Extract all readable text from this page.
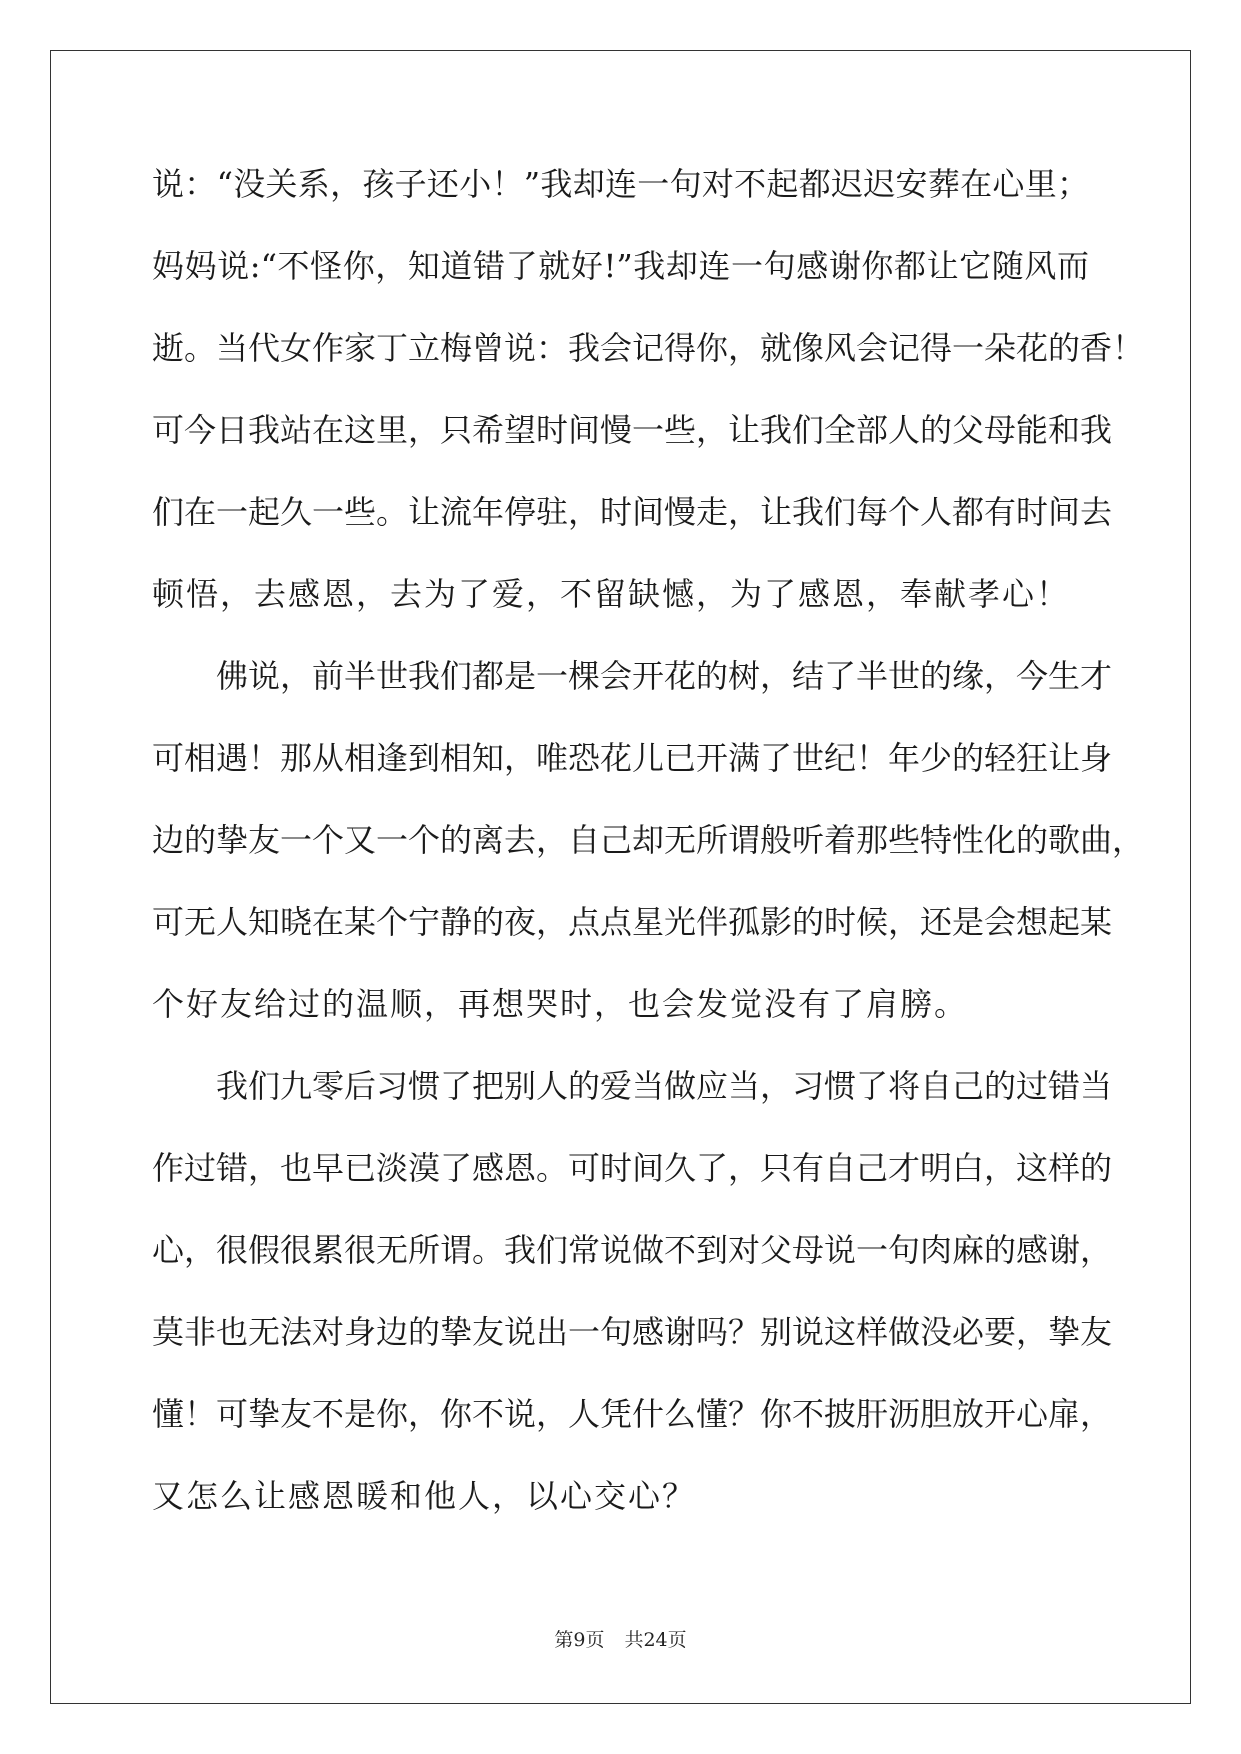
说：“没关系，孩子还小！”我却连一句对不起都迟迟安葬在心里；
妈妈说:“不怪你，知道错了就好!”我却连一句感谢你都让它随风而
逝。当代女作家丁立梅曾说：我会记得你，就像风会记得一朵花的香！
可今日我站在这里，只希望时间慢一些，让我们全部人的父母能和我
们在一起久一些。让流年停驻，时间慢走，让我们每个人都有时间去
顿悟，去感恩，去为了爱，不留缺憾，为了感恩，奉献孝心！
　　佛说，前半世我们都是一棵会开花的树，结了半世的缘，今生才
可相遇！那从相逢到相知，唯恐花儿已开满了世纪！年少的轻狂让身
边的挚友一个又一个的离去，自己却无所谓般听着那些特性化的歌曲，
可无人知晓在某个宁静的夜，点点星光伴孤影的时候，还是会想起某
个好友给过的温顺，再想哭时，也会发觉没有了肩膀。
　　我们九零后习惯了把别人的爱当做应当，习惯了将自己的过错当
作过错，也早已淡漠了感恩。可时间久了，只有自己才明白，这样的
心，很假很累很无所谓。我们常说做不到对父母说一句肉麻的感谢，
莫非也无法对身边的挚友说出一句感谢吗？别说这样做没必要，挚友
懂！可挚友不是你，你不说，人凭什么懂？你不披肝沥胆放开心扉，
又怎么让感恩暖和他人，以心交心？
第9页 共24页
